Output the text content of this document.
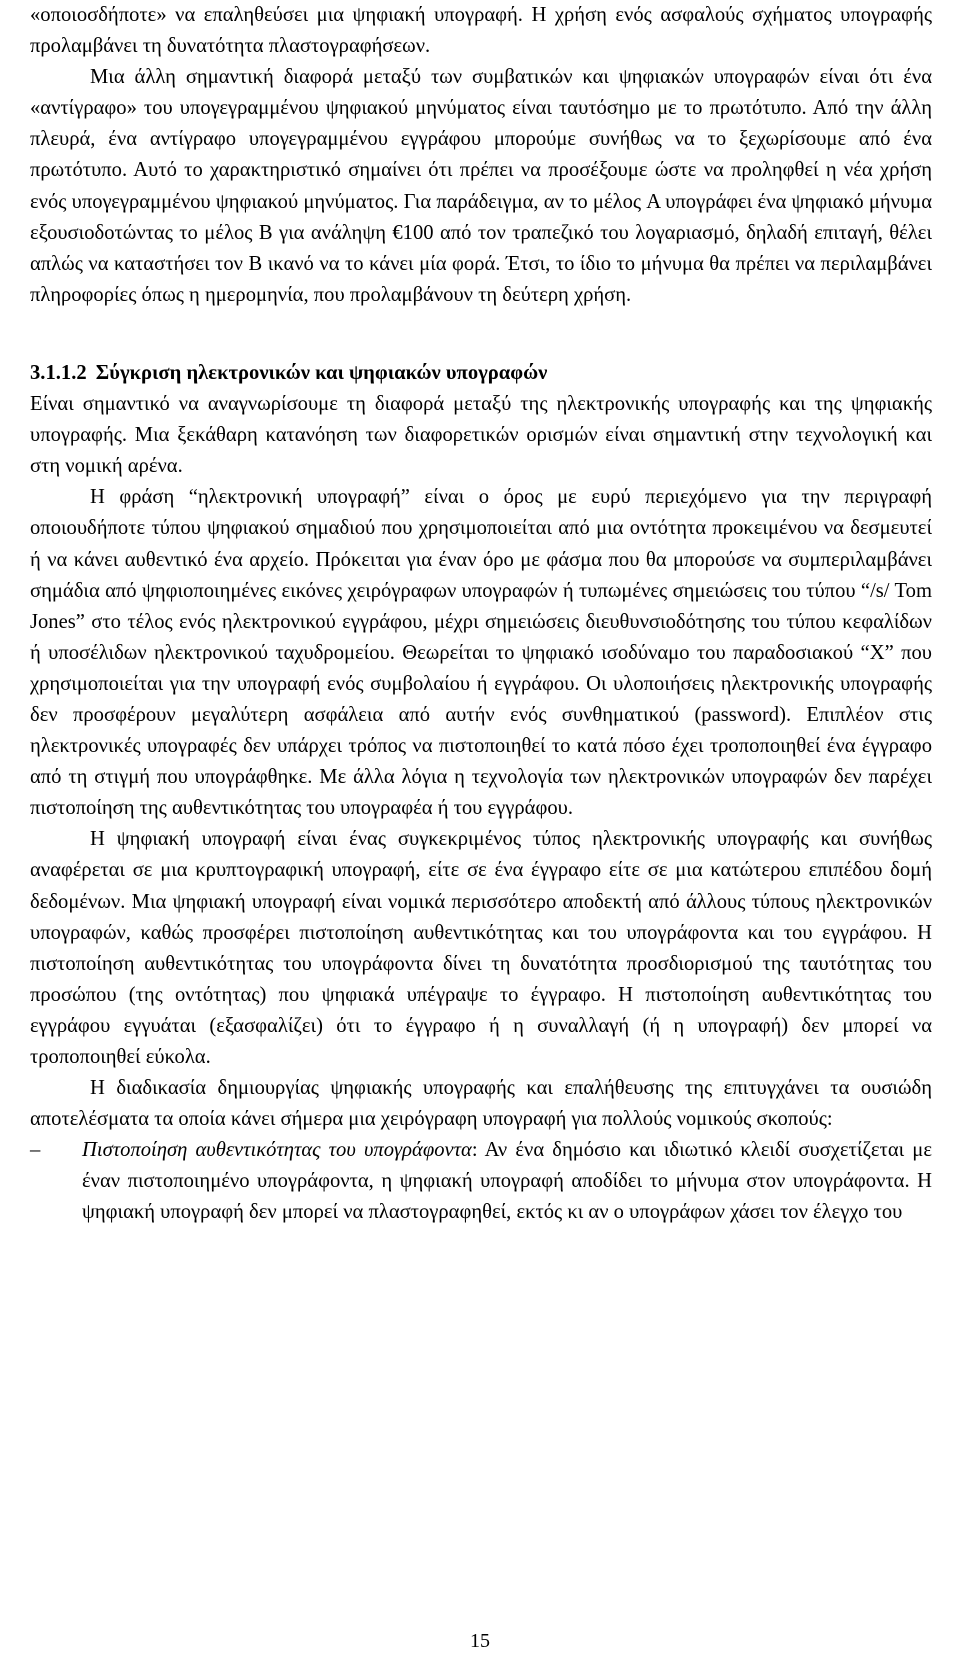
«οποιοσδήποτε» να επαληθεύσει μια ψηφιακή υπογραφή. Η χρήση ενός ασφαλούς σχήματος υπογραφής προλαμβάνει τη δυνατότητα πλαστογραφήσεων.

Μια άλλη σημαντική διαφορά μεταξύ των συμβατικών και ψηφιακών υπογραφών είναι ότι ένα «αντίγραφο» του υπογεγραμμένου ψηφιακού μηνύματος είναι ταυτόσημο με το πρωτότυπο. Από την άλλη πλευρά, ένα αντίγραφο υπογεγραμμένου εγγράφου μπορούμε συνήθως να το ξεχωρίσουμε από ένα πρωτότυπο. Αυτό το χαρακτηριστικό σημαίνει ότι πρέπει να προσέξουμε ώστε να προληφθεί η νέα χρήση ενός υπογεγραμμένου ψηφιακού μηνύματος. Για παράδειγμα, αν το μέλος A υπογράφει ένα ψηφιακό μήνυμα εξουσιοδοτώντας το μέλος B για ανάληψη €100 από τον τραπεζικό του λογαριασμό, δηλαδή επιταγή, θέλει απλώς να καταστήσει τον B ικανό να το κάνει μία φορά. Έτσι, το ίδιο το μήνυμα θα πρέπει να περιλαμβάνει πληροφορίες όπως η ημερομηνία, που προλαμβάνουν τη δεύτερη χρήση.

3.1.1.2 Σύγκριση ηλεκτρονικών και ψηφιακών υπογραφών

Είναι σημαντικό να αναγνωρίσουμε τη διαφορά μεταξύ της ηλεκτρονικής υπογραφής και της ψηφιακής υπογραφής. Μια ξεκάθαρη κατανόηση των διαφορετικών ορισμών είναι σημαντική στην τεχνολογική και στη νομική αρένα.

Η φράση “ηλεκτρονική υπογραφή” είναι ο όρος με ευρύ περιεχόμενο για την περιγραφή οποιουδήποτε τύπου ψηφιακού σημαδιού που χρησιμοποιείται από μια οντότητα προκειμένου να δεσμευτεί ή να κάνει αυθεντικό ένα αρχείο. Πρόκειται για έναν όρο με φάσμα που θα μπορούσε να συμπεριλαμβάνει σημάδια από ψηφιοποιημένες εικόνες χειρόγραφων υπογραφών ή τυπωμένες σημειώσεις του τύπου “/s/ Tom Jones” στο τέλος ενός ηλεκτρονικού εγγράφου, μέχρι σημειώσεις διευθυνσιοδότησης του τύπου κεφαλίδων ή υποσέλιδων ηλεκτρονικού ταχυδρομείου. Θεωρείται το ψηφιακό ισοδύναμο του παραδοσιακού “X” που χρησιμοποιείται για την υπογραφή ενός συμβολαίου ή εγγράφου. Οι υλοποιήσεις ηλεκτρονικής υπογραφής δεν προσφέρουν μεγαλύτερη ασφάλεια από αυτήν ενός συνθηματικού (password). Επιπλέον στις ηλεκτρονικές υπογραφές δεν υπάρχει τρόπος να πιστοποιηθεί το κατά πόσο έχει τροποποιηθεί ένα έγγραφο από τη στιγμή που υπογράφθηκε. Με άλλα λόγια η τεχνολογία των ηλεκτρονικών υπογραφών δεν παρέχει πιστοποίηση της αυθεντικότητας του υπογραφέα ή του εγγράφου.

Η ψηφιακή υπογραφή είναι ένας συγκεκριμένος τύπος ηλεκτρονικής υπογραφής και συνήθως αναφέρεται σε μια κρυπτογραφική υπογραφή, είτε σε ένα έγγραφο είτε σε μια κατώτερου επιπέδου δομή δεδομένων. Μια ψηφιακή υπογραφή είναι νομικά περισσότερο αποδεκτή από άλλους τύπους ηλεκτρονικών υπογραφών, καθώς προσφέρει πιστοποίηση αυθεντικότητας και του υπογράφοντα και του εγγράφου. Η πιστοποίηση αυθεντικότητας του υπογράφοντα δίνει τη δυνατότητα προσδιορισμού της ταυτότητας του προσώπου (της οντότητας) που ψηφιακά υπέγραψε το έγγραφο. Η πιστοποίηση αυθεντικότητας του εγγράφου εγγυάται (εξασφαλίζει) ότι το έγγραφο ή η συναλλαγή (ή η υπογραφή) δεν μπορεί να τροποποιηθεί εύκολα.

Η διαδικασία δημιουργίας ψηφιακής υπογραφής και επαλήθευσης της επιτυγχάνει τα ουσιώδη αποτελέσματα τα οποία κάνει σήμερα μια χειρόγραφη υπογραφή για πολλούς νομικούς σκοπούς:

– Πιστοποίηση αυθεντικότητας του υπογράφοντα: Αν ένα δημόσιο και ιδιωτικό κλειδί συσχετίζεται με έναν πιστοποιημένο υπογράφοντα, η ψηφιακή υπογραφή αποδίδει το μήνυμα στον υπογράφοντα. Η ψηφιακή υπογραφή δεν μπορεί να πλαστογραφηθεί, εκτός κι αν ο υπογράφων χάσει τον έλεγχο του

15
